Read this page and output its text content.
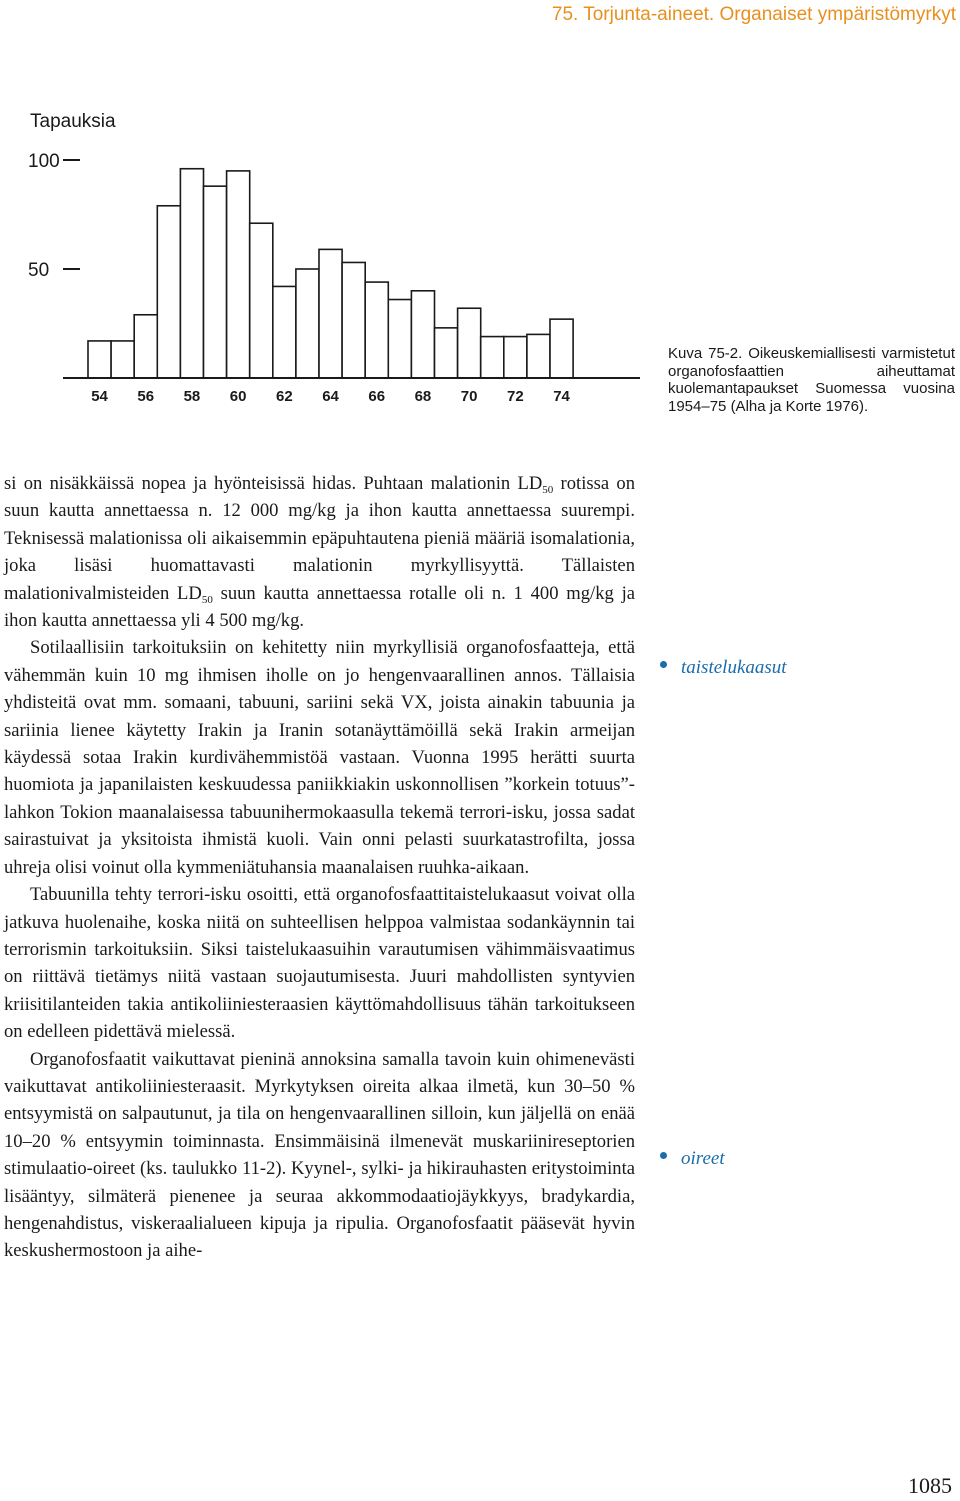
75. Torjunta-aineet. Organaiset ympäristömyrkyt
Tapauksia
100
50
54 56 58 60 62 64 66 68 70 72 74
Kuva 75-2. Oikeuskemiallisesti varmistetut organofosfaattien aiheuttamat kuolemantapaukset Suomessa vuosina 1954–75 (Alha ja Korte 1976).

si on nisäkkäissä nopea ja hyönteisissä hidas. Puhtaan malationin $LD_{50}$ rotissa on suun kautta annettaessa n. 12 000 mg/kg ja ihon kautta annettaessa suurempi. Teknisessä malationissa oli aikaisemmin epäpuhtautena pieniä määriä isomalationia, joka lisäsi huomattavasti malationin myrkyllisyyttä. Tällaisten malationivalmisteiden $LD_{50}$ suun kautta annettaessa rotalle oli n. 1 400 mg/kg ja ihon kautta annettaessa yli 4 500 mg/kg.

Sotilaallisiin tarkoituksiin on kehitetty niin myrkyllisiä organofosfaatteja, että vähemmän kuin 10 mg ihmisen iholle on jo hengenvaarallinen annos. Tällaisia yhdisteitä ovat mm. somaani, tabuuni, sariini sekä VX, joista ainakin tabuunia ja sariinia lienee käytetty Irakin ja Iranin sotanäyttämöillä sekä Irakin armeijan käydessä sotaa Irakin kurdivähemmistöä vastaan. Vuonna 1995 herätti suurta huomiota ja japanilaisten keskuudessa paniikkiakin uskonnollisen ”korkein totuus”-lahkon Tokion maanalaisessa tabuunihermokaasulla tekemä terrori-isku, jossa sadat sairastuivat ja yksitoista ihmistä kuoli. Vain onni pelasti suurkatastrofilta, jossa uhreja olisi voinut olla kymmeniätuhansia maanalaisen ruuhka-aikaan.

Tabuunilla tehty terrori-isku osoitti, että organofosfaattitaistelukaasut voivat olla jatkuva huolenaihe, koska niitä on suhteellisen helppoa valmistaa sodankäynnin tai terrorismin tarkoituksiin. Siksi taistelukaasuihin varautumisen vähimmäisvaatimus on riittävä tietämys niitä vastaan suojautumisesta. Juuri mahdollisten syntyvien kriisitilanteiden takia antikoliiniesteraasien käyttömahdollisuus tähän tarkoitukseen on edelleen pidettävä mielessä.

Organofosfaatit vaikuttavat pieninä annoksina samalla tavoin kuin ohimenevästi vaikuttavat antikoliiniesteraasit. Myrkytyksen oireita alkaa ilmetä, kun 30–50 % entsyymistä on salpautunut, ja tila on hengenvaarallinen silloin, kun jäljellä on enää 10–20 % entsyymin toiminnasta. Ensimmäisinä ilmenevät muskariinireseptorien stimulaatio-oireet (ks. taulukko 11-2). Kyynel-, sylki- ja hikirauhasten eritystoiminta lisääntyy, silmäterä pienenee ja seuraa akkommodaatiojäykkyys, bradykardia, hengenahdistus, viskeraalialueen kipuja ja ripulia. Organofosfaatit pääsevät hyvin keskushermostoon ja aihe-

taistelukaasut
oireet
1085
